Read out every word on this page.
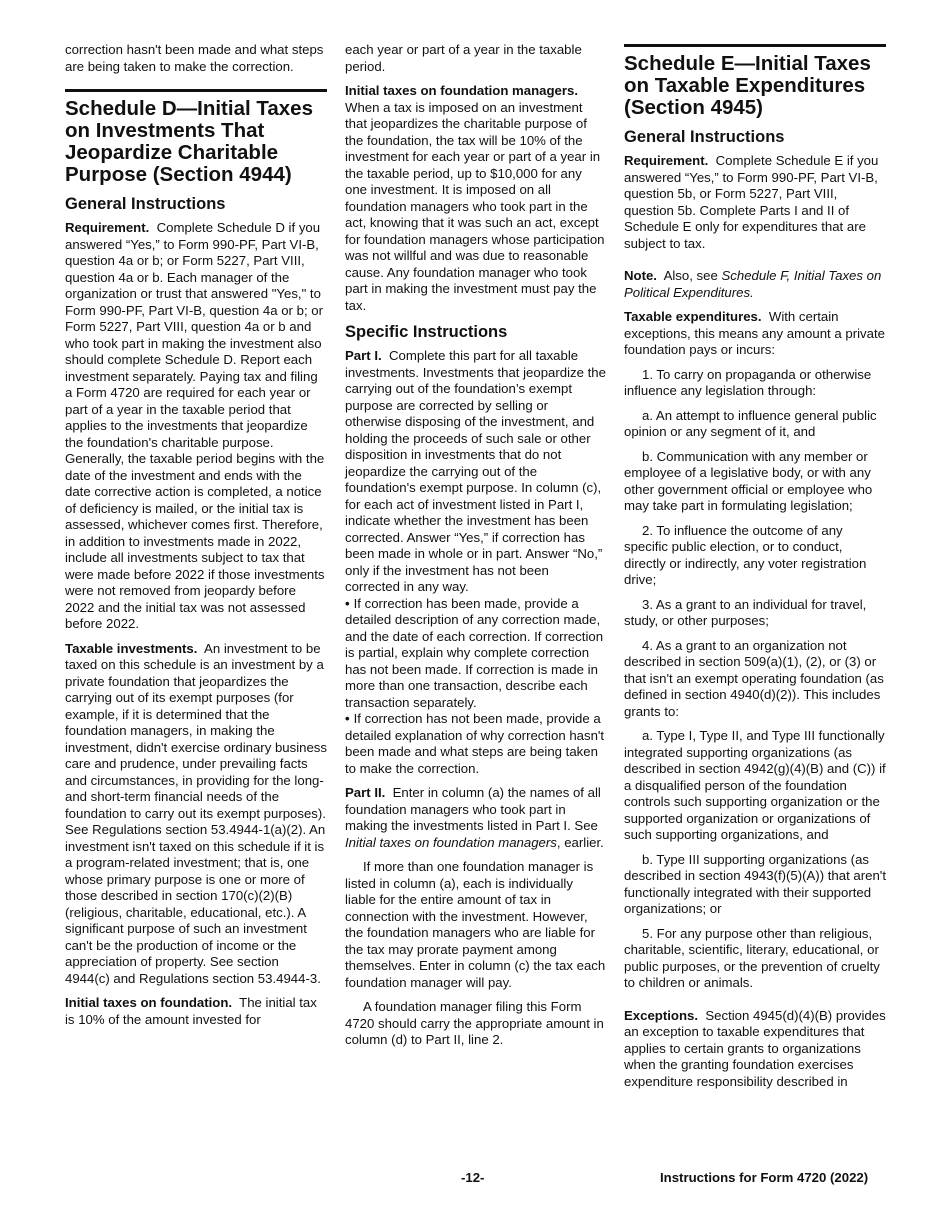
correction hasn't been made and what steps are being taken to make the correction.

Schedule D—Initial Taxes on Investments That Jeopardize Charitable Purpose (Section 4944)
General Instructions

Requirement. Complete Schedule D if you answered “Yes,” to Form 990-PF, Part VI-B, question 4a or b; or Form 5227, Part VIII, question 4a or b. Each manager of the organization or trust that answered "Yes," to Form 990-PF, Part VI-B, question 4a or b; or Form 5227, Part VIII, question 4a or b and who took part in making the investment also should complete Schedule D. Report each investment separately. Paying tax and filing a Form 4720 are required for each year or part of a year in the taxable period that applies to the investments that jeopardize the foundation's charitable purpose. Generally, the taxable period begins with the date of the investment and ends with the date corrective action is completed, a notice of deficiency is mailed, or the initial tax is assessed, whichever comes first. Therefore, in addition to investments made in 2022, include all investments subject to tax that were made before 2022 if those investments were not removed from jeopardy before 2022 and the initial tax was not assessed before 2022.

Taxable investments. An investment to be taxed on this schedule is an investment by a private foundation that jeopardizes the carrying out of its exempt purposes (for example, if it is determined that the foundation managers, in making the investment, didn't exercise ordinary business care and prudence, under prevailing facts and circumstances, in providing for the long- and short-term financial needs of the foundation to carry out its exempt purposes). See Regulations section 53.4944-1(a)(2). An investment isn't taxed on this schedule if it is a program-related investment; that is, one whose primary purpose is one or more of those described in section 170(c)(2)(B) (religious, charitable, educational, etc.). A significant purpose of such an investment can't be the production of income or the appreciation of property. See section 4944(c) and Regulations section 53.4944-3.

Initial taxes on foundation. The initial tax is 10% of the amount invested for

each year or part of a year in the taxable period.

Initial taxes on foundation managers.  When a tax is imposed on an investment that jeopardizes the charitable purpose of the foundation, the tax will be 10% of the investment for each year or part of a year in the taxable period, up to $10,000 for any one investment. It is imposed on all foundation managers who took part in the act, knowing that it was such an act, except for foundation managers whose participation was not willful and was due to reasonable cause. Any foundation manager who took part in making the investment must pay the tax.

Specific Instructions

Part I. Complete this part for all taxable investments. Investments that jeopardize the carrying out of the foundation’s exempt purpose are corrected by selling or otherwise disposing of the investment, and holding the proceeds of such sale or other disposition in investments that do not jeopardize the carrying out of the foundation's exempt purpose. In column (c), for each act of investment listed in Part I, indicate whether the investment has been corrected. Answer “Yes,” if correction has been made in whole or in part. Answer “No,” only if the investment has not been corrected in any way.

• If correction has been made, provide a detailed description of any correction made, and the date of each correction. If correction is partial, explain why complete correction has not been made. If correction is made in more than one transaction, describe each transaction separately.

• If correction has not been made, provide a detailed explanation of why correction hasn't been made and what steps are being taken to make the correction.

Part II. Enter in column (a) the names of all foundation managers who took part in making the investments listed in Part I. See Initial taxes on foundation managers, earlier.

If more than one foundation manager is listed in column (a), each is individually liable for the entire amount of tax in connection with the investment. However, the foundation managers who are liable for the tax may prorate payment among themselves. Enter in column (c) the tax each foundation manager will pay.

A foundation manager filing this Form 4720 should carry the appropriate amount in column (d) to Part II, line 2.

Schedule E—Initial Taxes on Taxable Expenditures (Section 4945)
General Instructions

Requirement. Complete Schedule E if you answered “Yes,” to Form 990-PF, Part VI-B, question 5b, or Form 5227, Part VIII, question 5b. Complete Parts I and II of Schedule E only for expenditures that are subject to tax.

Note. Also, see Schedule F, Initial Taxes on Political Expenditures.

Taxable expenditures. With certain exceptions, this means any amount a private foundation pays or incurs:

1. To carry on propaganda or otherwise influence any legislation through:

a. An attempt to influence general public opinion or any segment of it, and

b. Communication with any member or employee of a legislative body, or with any other government official or employee who may take part in formulating legislation;

2. To influence the outcome of any specific public election, or to conduct, directly or indirectly, any voter registration drive;

3. As a grant to an individual for travel, study, or other purposes;

4. As a grant to an organization not described in section 509(a)(1), (2), or (3) or that isn't an exempt operating foundation (as defined in section 4940(d)(2)). This includes grants to:

a. Type I, Type II, and Type III functionally integrated supporting organizations (as described in section 4942(g)(4)(B) and (C)) if a disqualified person of the foundation controls such supporting organization or the supported organization or organizations of such supporting organizations, and

b. Type III supporting organizations (as described in section 4943(f)(5)(A)) that aren't functionally integrated with their supported organizations; or

5. For any purpose other than religious, charitable, scientific, literary, educational, or public purposes, or the prevention of cruelty to children or animals.

Exceptions. Section 4945(d)(4)(B) provides an exception to taxable expenditures that applies to certain grants to organizations when the granting foundation exercises expenditure responsibility described in

-12-	Instructions for Form 4720 (2022)
